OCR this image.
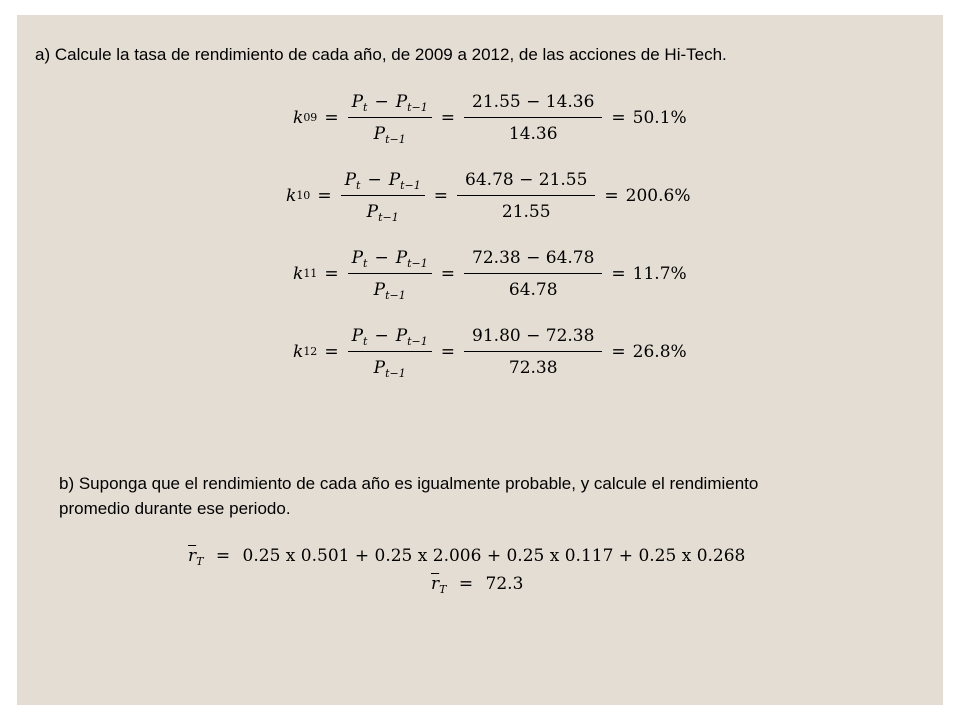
a) Calcule la tasa de rendimiento de cada año, de 2009 a 2012, de las acciones de Hi-Tech.
k $09 = \frac{P_t - P_{t-1}}{P_{t-1}} = \frac{21.55 - 14.36}{14.36} = 50.1\%$
k $10 = \frac{P_t - P_{t-1}}{P_{t-1}} = \frac{64.78 - 21.55}{21.55} = 200.6\%$
k $11 = \frac{P_t - P_{t-1}}{P_{t-1}} = \frac{72.38 - 64.78}{64.78} = 11.7\%$
k $12 = \frac{P_t - P_{t-1}}{P_{t-1}} = \frac{91.80 - 72.38}{72.38} = 26.8\%$
b) Suponga que el rendimiento de cada año es igualmente probable, y calcule el rendimiento promedio durante ese periodo.
$\overline{r}_T = 0.25$ x 0.501 + 0.25 x 2.006 + 0.25 x 0.117 + 0.25 x 0.268
$\overline{r}_T = 72.3$
